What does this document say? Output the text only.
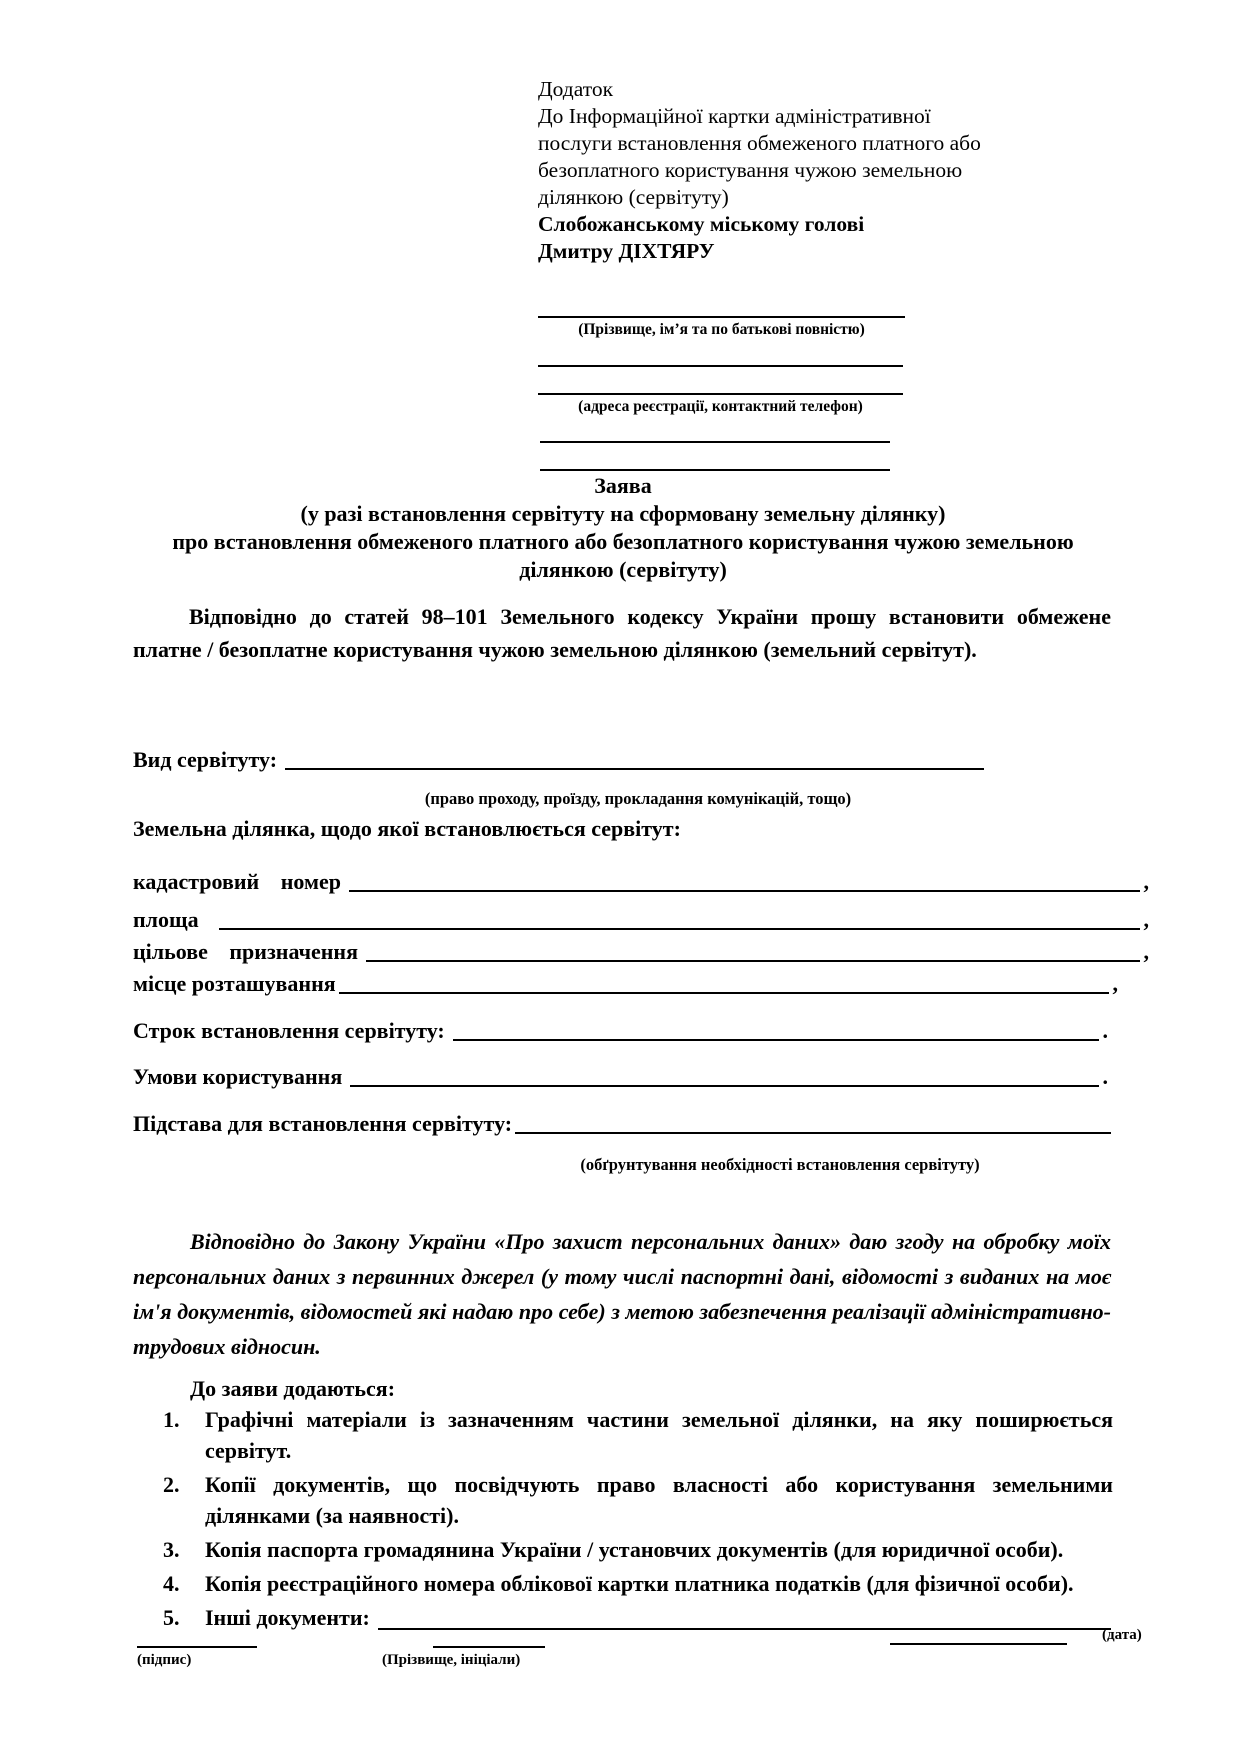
Додаток
До Інформаційної картки адміністративної
послуги встановлення обмеженого платного або
безоплатного користування чужою земельною
ділянкою (сервітуту)
Слобожанському міському голові
Дмитру ДІХТЯРУ
(Прізвище, ім’я та по батькові повністю)
(адреса реєстрації, контактний телефон)
Заява
(у разі встановлення сервітуту на сформовану земельну ділянку)
про встановлення обмеженого платного або безоплатного користування чужою земельною ділянкою (сервітуту)
Відповідно до статей 98–101 Земельного кодексу України прошу встановити обмежене платне / безоплатне користування чужою земельною ділянкою (земельний сервітут).
Вид сервітуту:
(право проходу, проїзду, прокладання комунікацій, тощо)
Земельна ділянка, щодо якої встановлюється сервітут:
кадастровий номер	,
площа	,
цільове призначення	,
місце розташування	,
Строк встановлення сервітуту:	.
Умови користування	.
Підстава для встановлення сервітуту:
(обґрунтування необхідності встановлення сервітуту)
Відповідно до Закону України «Про захист персональних даних» даю згоду на обробку моїх персональних даних з первинних джерел (у тому числі паспортні дані, відомості з виданих на моє ім'я документів, відомостей які надаю про себе) з метою забезпечення реалізації адміністративно-трудових відносин.
До заяви додаються:
1.	Графічні матеріали із зазначенням частини земельної ділянки, на яку поширюється сервітут.
2.	Копії документів, що посвідчують право власності або користування земельними ділянками (за наявності).
3.	Копія паспорта громадянина України / установчих документів (для юридичної особи).
4.	Копія реєстраційного номера облікової картки платника податків (для фізичної особи).
5.	Інші документи:
(дата)
(підпис)	(Прізвище, ініціали)
